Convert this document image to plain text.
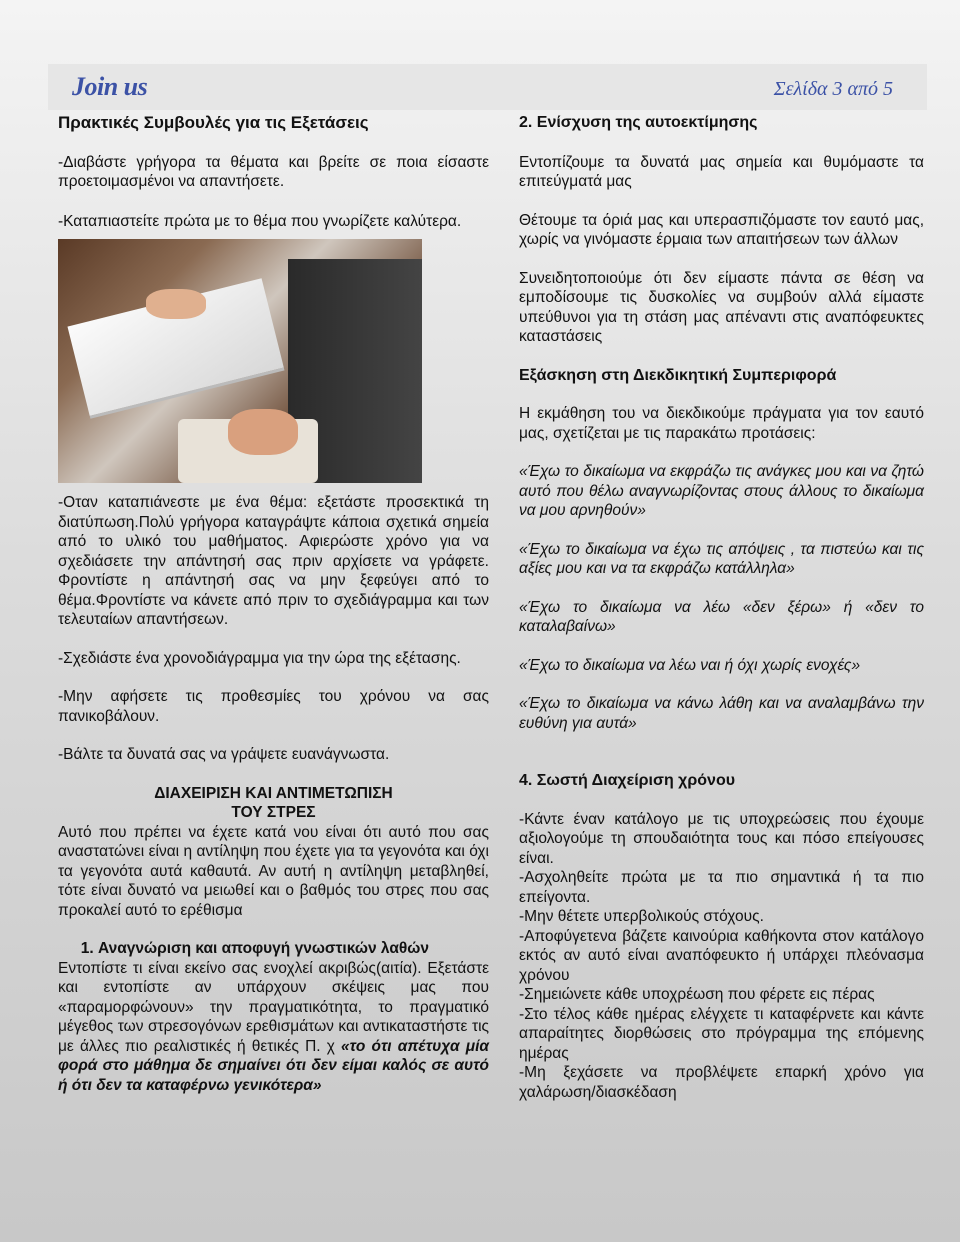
Join us	Σελίδα 3 από 5

Πρακτικές Συμβουλές για τις Εξετάσεις

-Διαβάστε γρήγορα τα θέματα και βρείτε σε ποια είσαστε προετοιμασμένοι να απαντήσετε.

-Καταπιαστείτε πρώτα με το θέμα που γνωρίζετε καλύτερα.

-Οταν καταπιάνεστε με ένα θέμα: εξετάστε προσεκτικά τη διατύπωση.Πολύ γρήγορα καταγράψτε κάποια σχετικά σημεία από το υλικό του μαθήματος. Αφιερώστε χρόνο για να σχεδιάσετε την απάντησή σας πριν αρχίσετε να γράφετε. Φροντίστε η απάντησή σας να μην ξεφεύγει από το θέμα.Φροντίστε να κάνετε από πριν το σχεδιάγραμμα και των τελευταίων απαντήσεων.

-Σχεδιάστε ένα χρονοδιάγραμμα για την ώρα της εξέτασης.

-Μην αφήσετε τις προθεσμίες του χρόνου να σας πανικοβάλουν.

-Βάλτε τα δυνατά σας να γράψετε ευανάγνωστα.

ΔΙΑΧΕΙΡΙΣΗ ΚΑΙ ΑΝΤΙΜΕΤΩΠΙΣΗ

ΤΟΥ ΣΤΡΕΣ

Αυτό που πρέπει να έχετε κατά νου είναι ότι αυτό που σας αναστατώνει είναι η αντίληψη που έχετε για τα γεγονότα και όχι τα γεγονότα αυτά καθαυτά. Αν αυτή η αντίληψη μεταβληθεί, τότε είναι δυνατό να μειωθεί και ο βαθμός του στρες που σας προκαλεί αυτό το ερέθισμα

1. Αναγνώριση και αποφυγή γνωστικών λαθών

Εντοπίστε τι είναι εκείνο σας ενοχλεί ακριβώς(αιτία). Εξετάστε και εντοπίστε αν υπάρχουν σκέψεις μας που «παραμορφώνουν» την πραγματικότητα, το πραγματικό μέγεθος των στρεσογόνων ερεθισμάτων και αντικαταστήστε τις με άλλες πιο ρεαλιστικές ή θετικές Π. χ «το ότι απέτυχα μία φορά στο μάθημα δε σημαίνει ότι δεν είμαι καλός σε αυτό ή ότι δεν τα καταφέρνω γενικότερα»

2. Ενίσχυση της αυτοεκτίμησης

Εντοπίζουμε τα δυνατά μας σημεία και θυμόμαστε τα επιτεύγματά μας

Θέτουμε τα όριά μας και υπερασπιζόμαστε τον εαυτό μας, χωρίς να γινόμαστε έρμαια των απαιτήσεων των άλλων

Συνειδητοποιούμε ότι δεν είμαστε πάντα σε θέση να εμποδίσουμε τις δυσκολίες να συμβούν αλλά είμαστε υπεύθυνοι για τη στάση μας απέναντι στις αναπόφευκτες καταστάσεις

Εξάσκηση στη Διεκδικητική Συμπεριφορά

Η εκμάθηση του να διεκδικούμε πράγματα για τον εαυτό μας, σχετίζεται με τις παρακάτω προτάσεις:

«Έχω το δικαίωμα να εκφράζω τις ανάγκες μου και να ζητώ αυτό που θέλω αναγνωρίζοντας στους άλλους το δικαίωμα να μου αρνηθούν»

«Έχω το δικαίωμα να έχω τις απόψεις , τα πιστεύω και τις αξίες μου και να τα εκφράζω κατάλληλα»

«Έχω το δικαίωμα να λέω «δεν ξέρω» ή «δεν το καταλαβαίνω»

«Έχω το δικαίωμα να λέω ναι ή όχι χωρίς ενοχές»

«Έχω το δικαίωμα να κάνω λάθη και να αναλαμβάνω την ευθύνη για αυτά»

4. Σωστή Διαχείριση χρόνου

-Κάντε έναν κατάλογο με τις υποχρεώσεις που έχουμε αξιολογούμε τη σπουδαιότητα τους και πόσο επείγουσες είναι.

-Ασχοληθείτε πρώτα με τα πιο σημαντικά ή τα πιο επείγοντα.

-Μην θέτετε υπερβολικούς στόχους.

-Αποφύγετενα βάζετε καινούρια καθήκοντα στον κατάλογο εκτός αν αυτό είναι αναπόφευκτο ή υπάρχει πλεόνασμα χρόνου

-Σημειώνετε κάθε υποχρέωση που φέρετε εις πέρας

-Στο τέλος κάθε ημέρας ελέγχετε τι καταφέρνετε και κάντε απαραίτητες διορθώσεις στο πρόγραμμα της επόμενης ημέρας

-Μη ξεχάσετε να προβλέψετε επαρκή χρόνο για χαλάρωση/διασκέδαση
